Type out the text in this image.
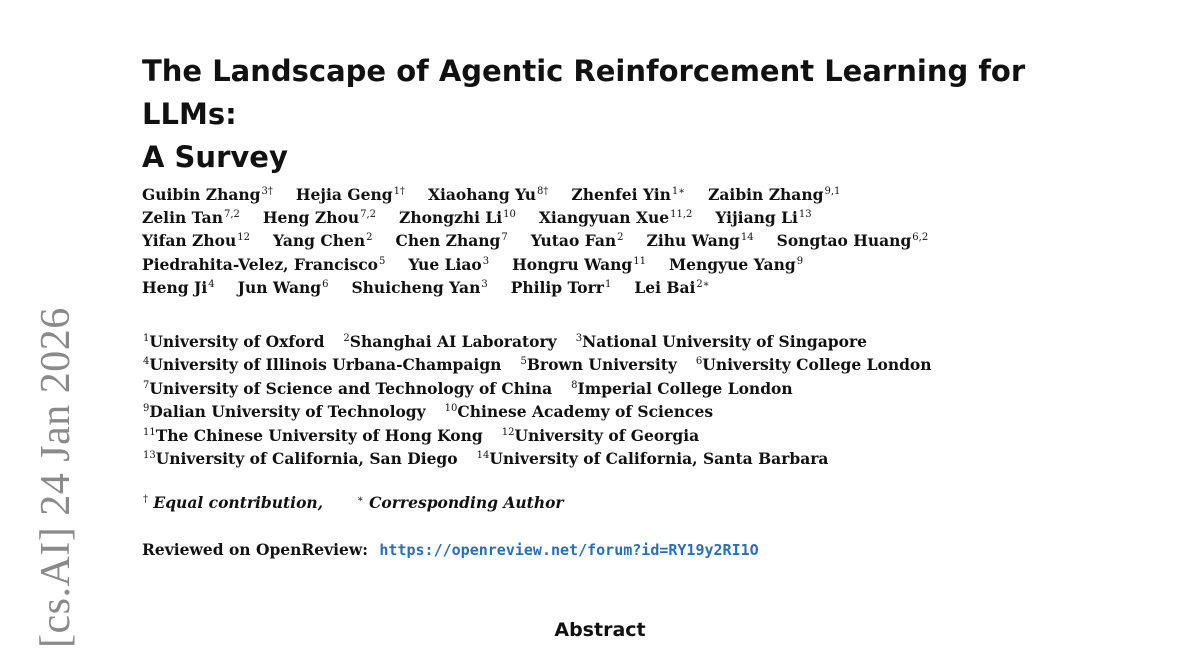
[cs.AI] 24 Jan 2026
The Landscape of Agentic Reinforcement Learning for LLMs:
A Survey
Guibin Zhang$^{3\dagger}$ Hejia Geng$^{1\dagger}$ Xiaohang $Yu^{8\dagger}$ Zhenfei Yin$^{1∗}$ Zaibin Zhang$^{9,1}$
Zelin Tan$^{7,2}$ Heng Zhou$^{7,2}$ Zhongzhi Li$^{10}$ Xiangyuan Xue$^{11,2}$ Yijiang Li$^{13}$
Yifan Zhou$^{12}$ Yang Chen$^2$ Chen Zhang$^7$ Yutao Fan$^2$ Zihu Wang$^{14}$ Songtao Huang$^{6,2}$
Piedrahita-Velez, Francisco$^5$ Yue Liao$^3$ Hongru Wang$^{11}$ Mengyue Yang$^9$
Heng Ji$^4$ Jun Wang$^6$ Shuicheng Yan$^3$ Philip Torr$^1$ Lei Bai$^{2∗}$
$^1$University of Oxford $^2$Shanghai AI Laboratory $^3$National University of Singapore
$^4$University of Illinois Urbana-Champaign $^5$Brown University $^6$University College London
$^7$University of Science and Technology of China $^8$Imperial College London
$^9$Dalian University of Technology $^{10}$Chinese Academy of Sciences
$^{11}$The Chinese University of Hong Kong $^{12}$University of Georgia
$^{13}$University of California, San Diego $^{14}$University of California, Santa Barbara
† Equal contribution,	∗ Corresponding Author
Reviewed on OpenReview: https://openreview.net/forum?id=RY19y2RI1O
Abstract
